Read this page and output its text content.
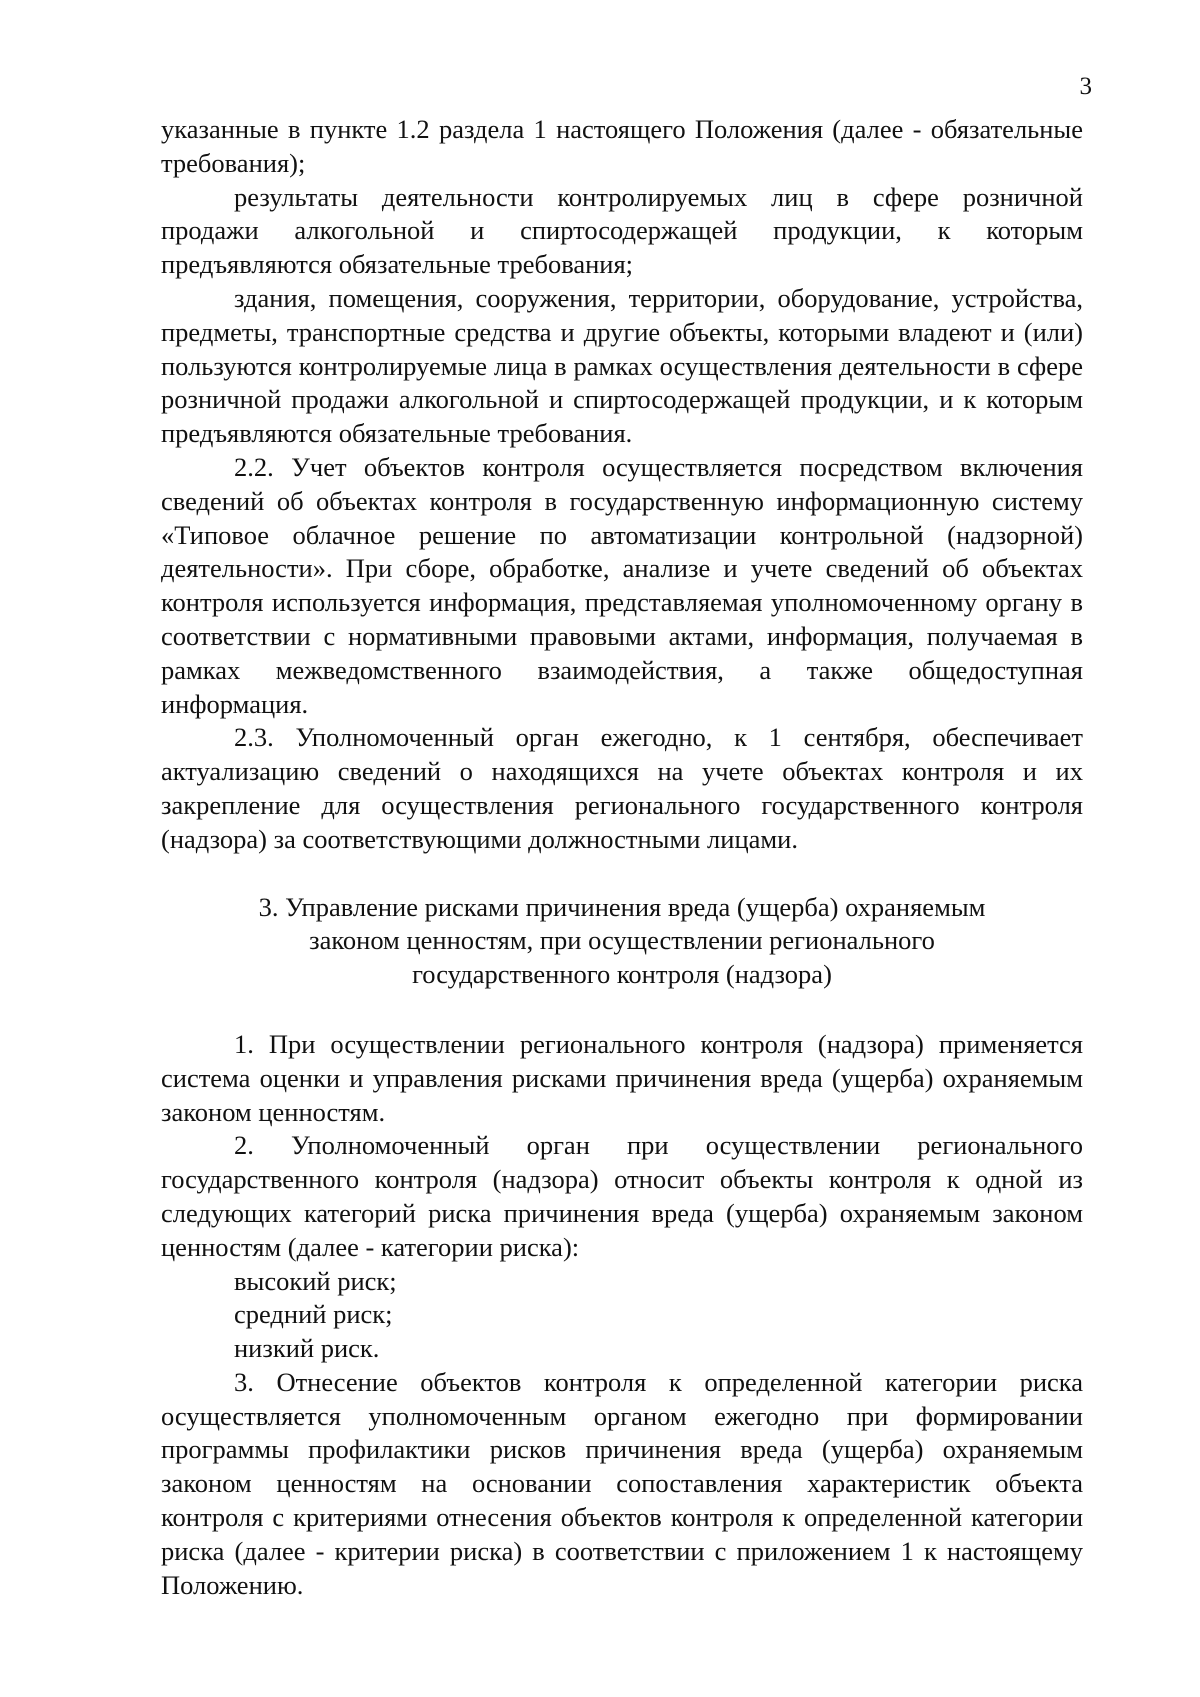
3

указанные в пункте 1.2 раздела 1 настоящего Положения (далее - обязательные требования);

результаты деятельности контролируемых лиц в сфере розничной продажи алкогольной и спиртосодержащей продукции, к которым предъявляются обязательные требования;

здания, помещения, сооружения, территории, оборудование, устройства, предметы, транспортные средства и другие объекты, которыми владеют и (или) пользуются контролируемые лица в рамках осуществления деятельности в сфере розничной продажи алкогольной и спиртосодержащей продукции, и к которым предъявляются обязательные требования.

2.2. Учет объектов контроля осуществляется посредством включения сведений об объектах контроля в государственную информационную систему «Типовое облачное решение по автоматизации контрольной (надзорной) деятельности». При сборе, обработке, анализе и учете сведений об объектах контроля используется информация, представляемая уполномоченному органу в соответствии с нормативными правовыми актами, информация, получаемая в рамках межведомственного взаимодействия, а также общедоступная информация.

2.3. Уполномоченный орган ежегодно, к 1 сентября, обеспечивает актуализацию сведений о находящихся на учете объектах контроля и их закрепление для осуществления регионального государственного контроля (надзора) за соответствующими должностными лицами.

3. Управление рисками причинения вреда (ущерба) охраняемым
законом ценностям, при осуществлении регионального
государственного контроля (надзора)

1. При осуществлении регионального контроля (надзора) применяется система оценки и управления рисками причинения вреда (ущерба) охраняемым законом ценностям.

2. Уполномоченный орган при осуществлении регионального государственного контроля (надзора) относит объекты контроля к одной из следующих категорий риска причинения вреда (ущерба) охраняемым законом ценностям (далее - категории риска):

высокий риск;

средний риск;

низкий риск.

3. Отнесение объектов контроля к определенной категории риска осуществляется уполномоченным органом ежегодно при формировании программы профилактики рисков причинения вреда (ущерба) охраняемым законом ценностям на основании сопоставления характеристик объекта контроля с критериями отнесения объектов контроля к определенной категории риска (далее - критерии риска) в соответствии с приложением 1 к настоящему Положению.
